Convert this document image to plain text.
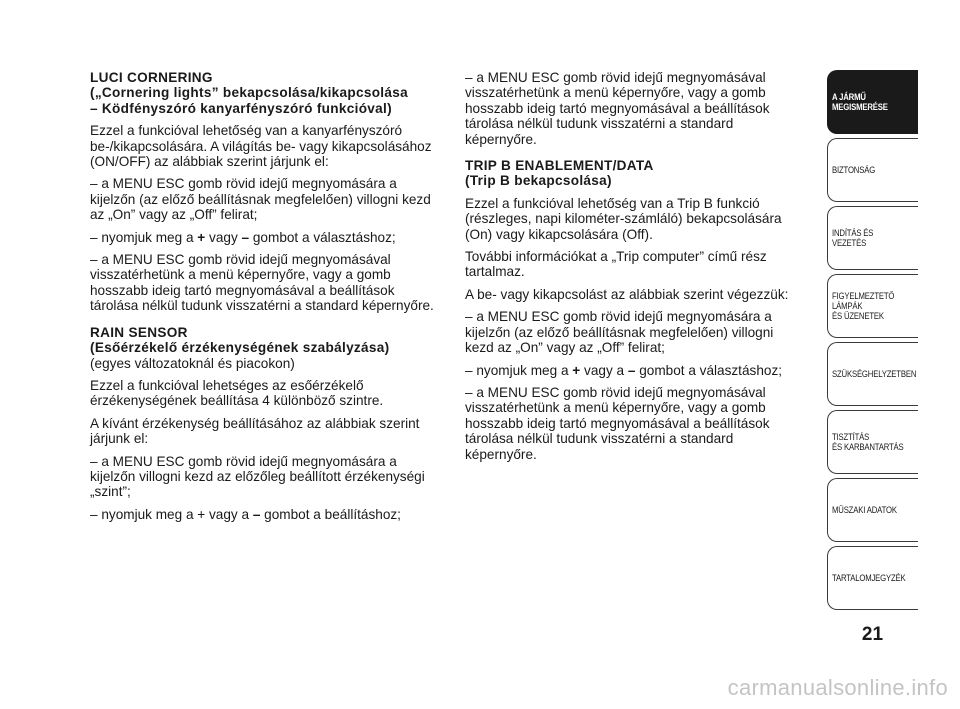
LUCI CORNERING
(„Cornering lights” bekapcsolása/kikapcsolása
– Ködfényszóró kanyarfényszóró funkcióval)

Ezzel a funkcióval lehetőség van a kanyarfényszóró be-/kikapcsolására. A világítás be- vagy kikapcsolásához (ON/OFF) az alábbiak szerint járjunk el:

– a MENU ESC gomb rövid idejű megnyomására a kijelzőn (az előző beállításnak megfelelően) villogni kezd az „On” vagy az „Off” felirat;

– nyomjuk meg a + vagy – gombot a választáshoz;

– a MENU ESC gomb rövid idejű megnyomásával visszatérhetünk a menü képernyőre, vagy a gomb hosszabb ideig tartó megnyomásával a beállítások tárolása nélkül tudunk visszatérni a standard képernyőre.

RAIN SENSOR
(Esőérzékelő érzékenységének szabályzása)

(egyes változatoknál és piacokon)

Ezzel a funkcióval lehetséges az esőérzékelő érzékenységének beállítása 4 különböző szintre.

A kívánt érzékenység beállításához az alábbiak szerint járjunk el:

– a MENU ESC gomb rövid idejű megnyomására a kijelzőn villogni kezd az előzőleg beállított érzékenységi „szint”;

– nyomjuk meg a + vagy a – gombot a beállításhoz;

– a MENU ESC gomb rövid idejű megnyomásával visszatérhetünk a menü képernyőre, vagy a gomb hosszabb ideig tartó megnyomásával a beállítások tárolása nélkül tudunk visszatérni a standard képernyőre.

TRIP B ENABLEMENT/DATA
(Trip B bekapcsolása)

Ezzel a funkcióval lehetőség van a Trip B funkció (részleges, napi kilométer-számláló) bekapcsolására (On) vagy kikapcsolására (Off).

További információkat a „Trip computer” című rész tartalmaz.

A be- vagy kikapcsolást az alábbiak szerint végezzük:

– a MENU ESC gomb rövid idejű megnyomására a kijelzőn (az előző beállításnak megfelelően) villogni kezd az „On” vagy az „Off” felirat;

– nyomjuk meg a + vagy a – gombot a választáshoz;

– a MENU ESC gomb rövid idejű megnyomásával visszatérhetünk a menü képernyőre, vagy a gomb hosszabb ideig tartó megnyomásával a beállítások tárolása nélkül tudunk visszatérni a standard képernyőre.

A JÁRMŰ
MEGISMERÉSE
BIZTONSÁG
INDÍTÁS ÉS VEZETÉS
FIGYELMEZTETŐ
LÁMPÁK
ÉS ÜZENETEK
SZÜKSÉGHELYZETBEN
TISZTÍTÁS
ÉS KARBANTARTÁS
MŰSZAKI ADATOK
TARTALOMJEGYZÉK
21
carmanualsonline.info
